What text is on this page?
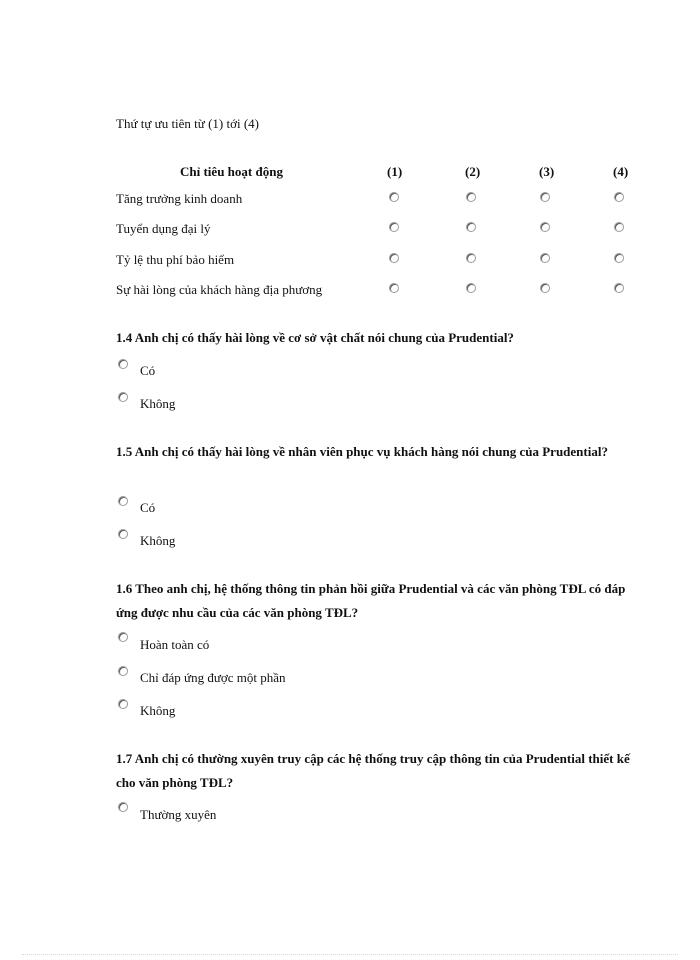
Thứ tự ưu tiên từ (1) tới (4)
Chỉ tiêu hoạt động	(1)	(2)	(3)	(4)
Tăng trưởng kinh doanh
Tuyển dụng đại lý
Tỷ lệ thu phí bảo hiểm
Sự hài lòng của khách hàng địa phương
1.4 Anh chị có thấy hài lòng về cơ sở vật chất nói chung của Prudential?
Có
Không
1.5 Anh chị có thấy hài lòng về nhân viên phục vụ khách hàng nói chung của Prudential?
Có
Không
1.6 Theo anh chị, hệ thống thông tin phản hồi giữa Prudential và các văn phòng TĐL có đáp ứng được nhu cầu của các văn phòng TĐL?
Hoàn toàn có
Chỉ đáp ứng được một phần
Không
1.7 Anh chị có thường xuyên truy cập các hệ thống truy cập thông tin của Prudential thiết kế cho văn phòng TĐL?
Thường xuyên
